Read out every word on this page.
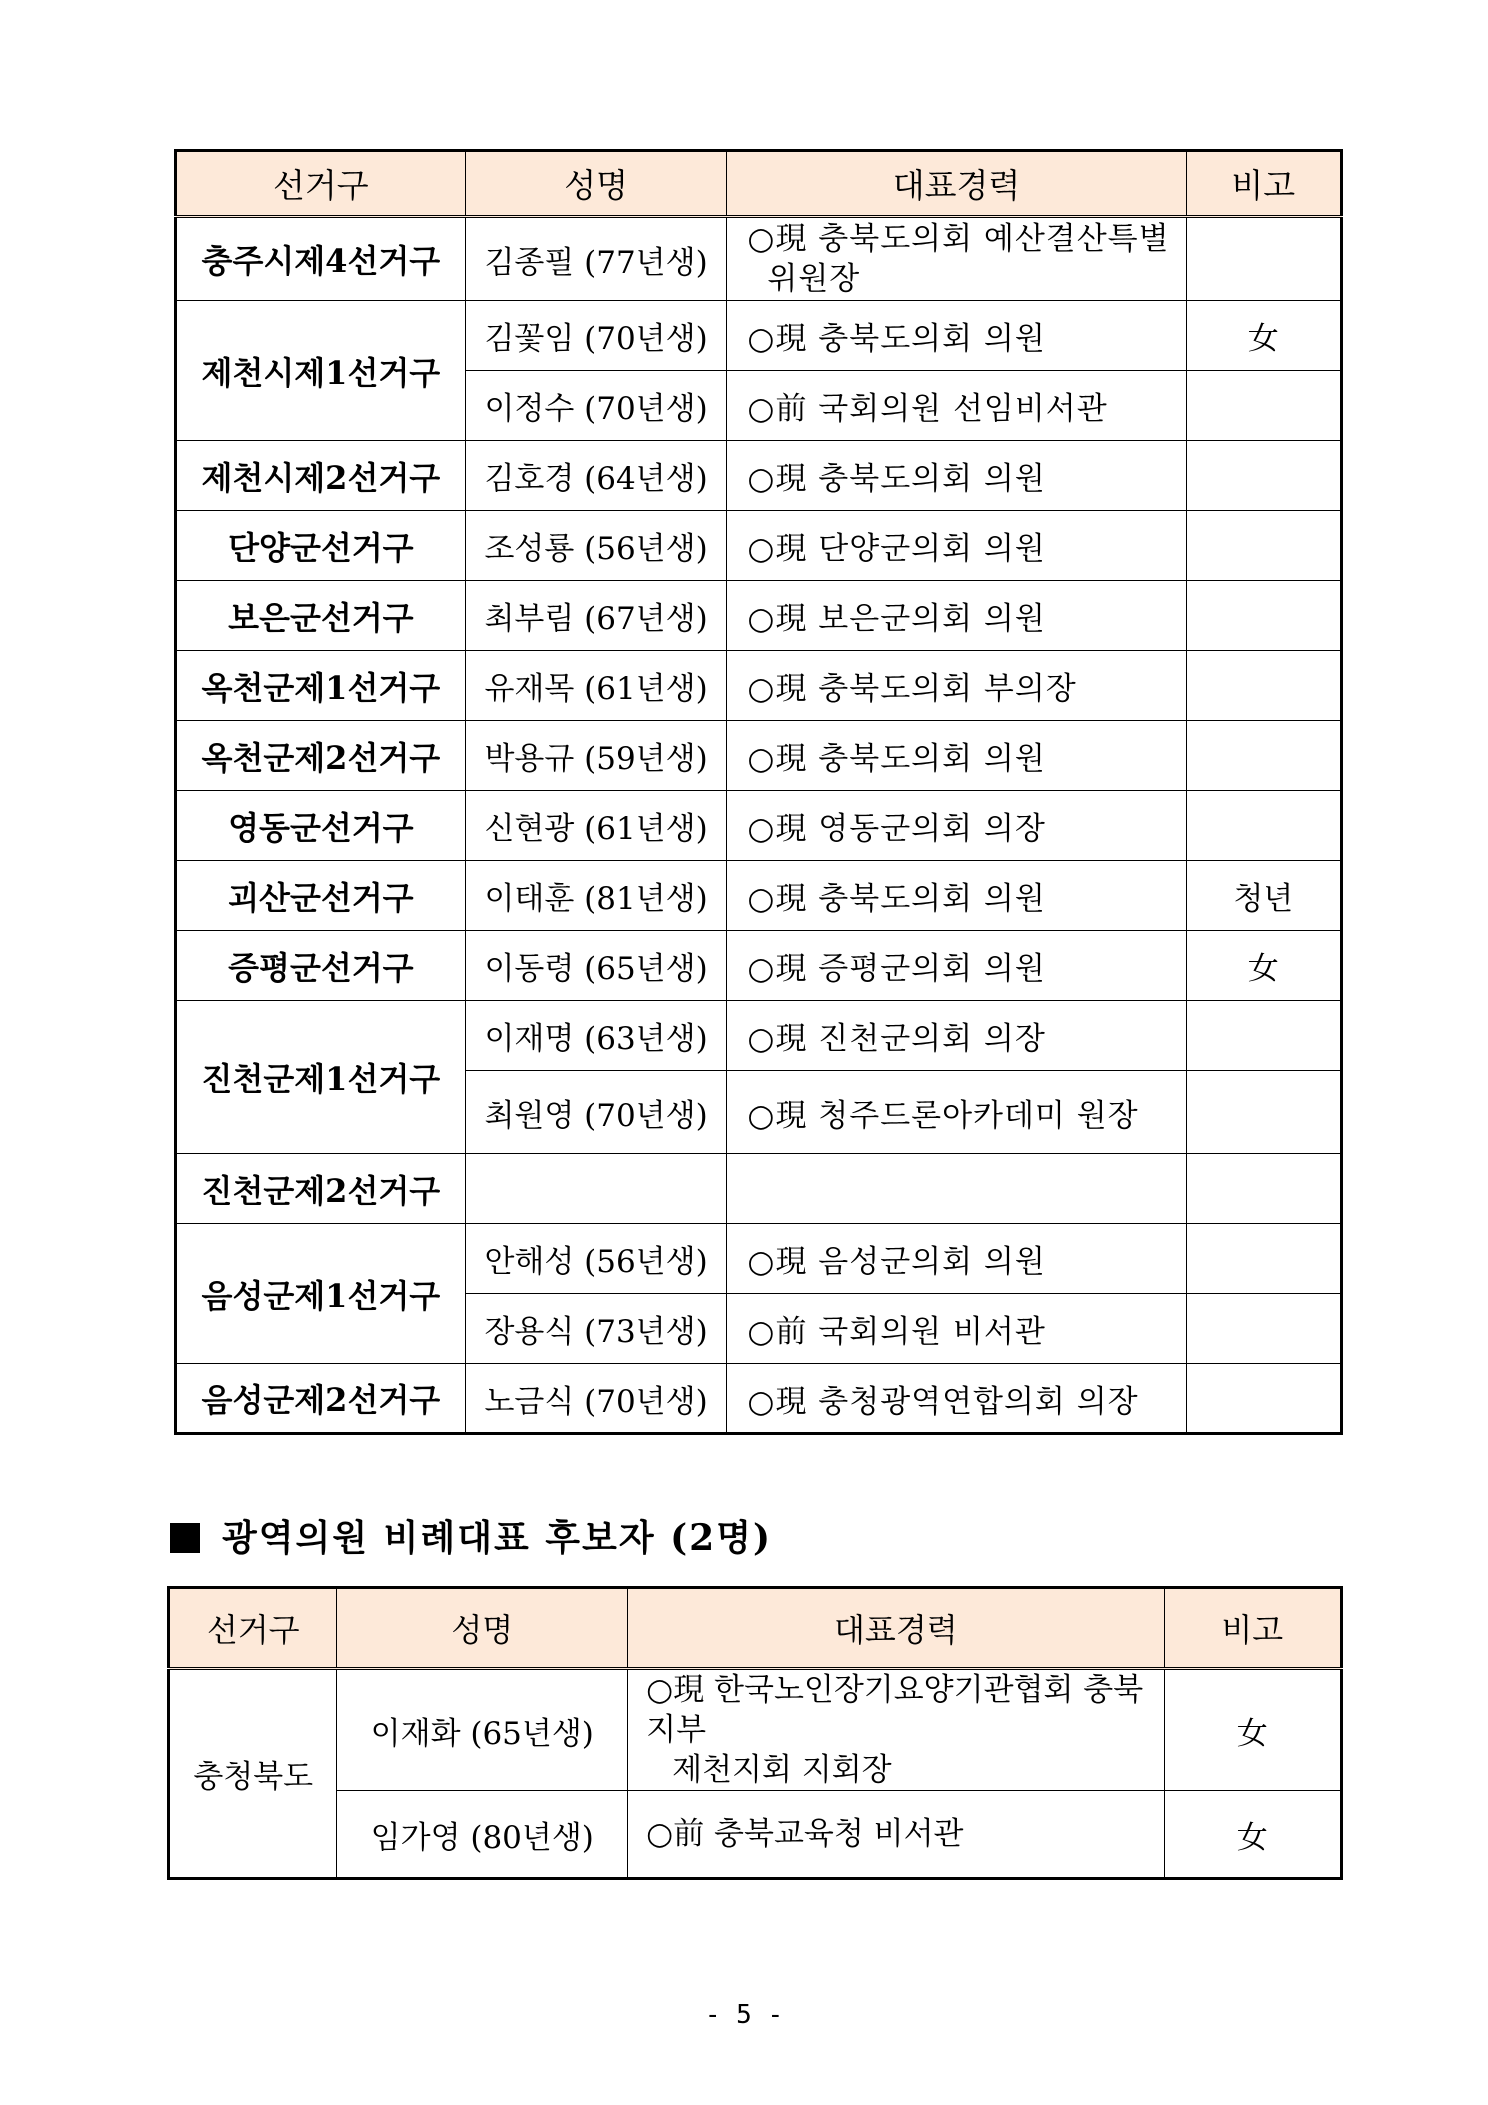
선거구	성명	대표경력	비고
충주시제4선거구	김종필 (77년생)	○現 충북도의회 예산결산특별
위원장	

제천시제1선거구	김꽃임 (70년생)	○現 충북도의회 의원	女
	이정수 (70년생)	○前 국회의원 선임비서관	
제천시제2선거구	김호경 (64년생)	○現 충북도의회 의원	
단양군선거구	조성룡 (56년생)	○現 단양군의회 의원	
보은군선거구	최부림 (67년생)	○現 보은군의회 의원	
옥천군제1선거구	유재목 (61년생)	○現 충북도의회 부의장	
옥천군제2선거구	박용규 (59년생)	○現 충북도의회 의원	
영동군선거구	신현광 (61년생)	○現 영동군의회 의장	
괴산군선거구	이태훈 (81년생)	○現 충북도의회 의원	청년
증평군선거구	이동령 (65년생)	○現 증평군의회 의원	女
진천군제1선거구	이재명 (63년생)	○現 진천군의회 의장	
	최원영 (70년생)	○現 청주드론아카데미 원장	
진천군제2선거구			
음성군제1선거구	안해성 (56년생)	○現 음성군의회 의원	
	장용식 (73년생)	○前 국회의원 비서관	
음성군제2선거구	노금식 (70년생)	○現 충청광역연합의회 의장	
광역의원 비례대표 후보자 (2명)
선거구	성명	대표경력	비고
충청북도	이재화 (65년생)	○現 한국노인장기요양기관협회 충북지부
제천지회 지회장	女
	임가영 (80년생)	○前 충북교육청 비서관	女
- 5 -
